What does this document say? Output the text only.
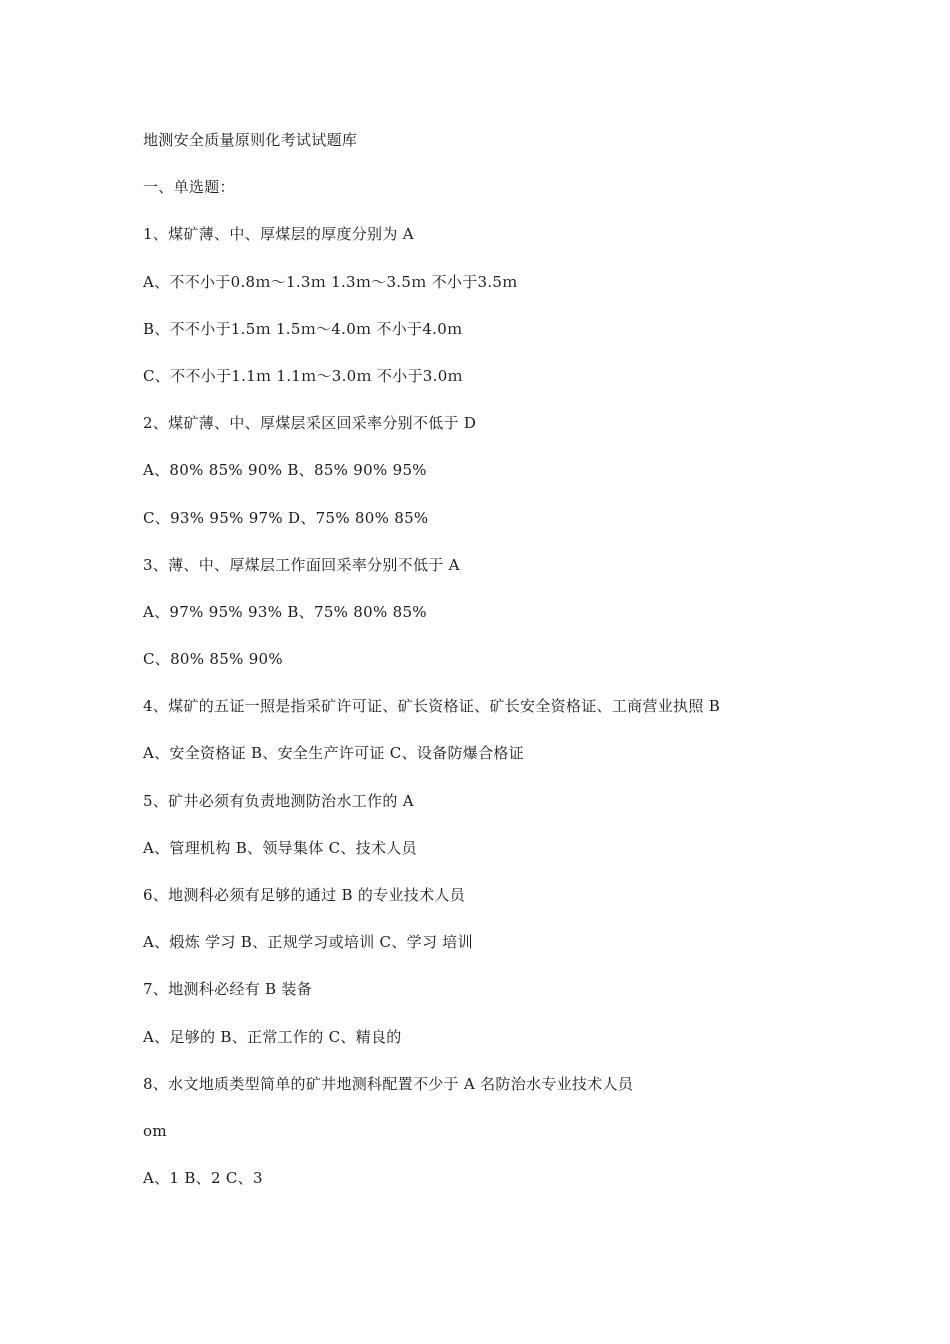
地测安全质量原则化考试试题库
一、单选题：
1、煤矿薄、中、厚煤层的厚度分别为 A
A、不不小于0.8ｍ～1.3ｍ 1.3ｍ～3.5ｍ 不小于3.5ｍ
B、不不小于1.5ｍ 1.5ｍ～4.0ｍ 不小于4.0ｍ
C、不不小于1.1ｍ 1.1ｍ～3.0ｍ 不小于3.0ｍ
2、煤矿薄、中、厚煤层采区回采率分别不低于 D
A、80% 85% 90% B、85% 90% 95%
C、93% 95% 97% D、75% 80% 85%
3、薄、中、厚煤层工作面回采率分别不低于 A
A、97% 95% 93% B、75% 80% 85%
C、80% 85% 90%
4、煤矿的五证一照是指采矿许可证、矿长资格证、矿长安全资格证、工商营业执照 B
A、安全资格证 B、安全生产许可证 C、设备防爆合格证
5、矿井必须有负责地测防治水工作的 A
A、管理机构 B、领导集体 C、技术人员
6、地测科必须有足够的通过 B 的专业技术人员
A、煅炼 学习 B、正规学习或培训 C、学习 培训
7、地测科必经有 B 装备
A、足够的 B、正常工作的 C、精良的
8、水文地质类型简单的矿井地测科配置不少于 A 名防治水专业技术人员
om
A、1 B、2 C、3
